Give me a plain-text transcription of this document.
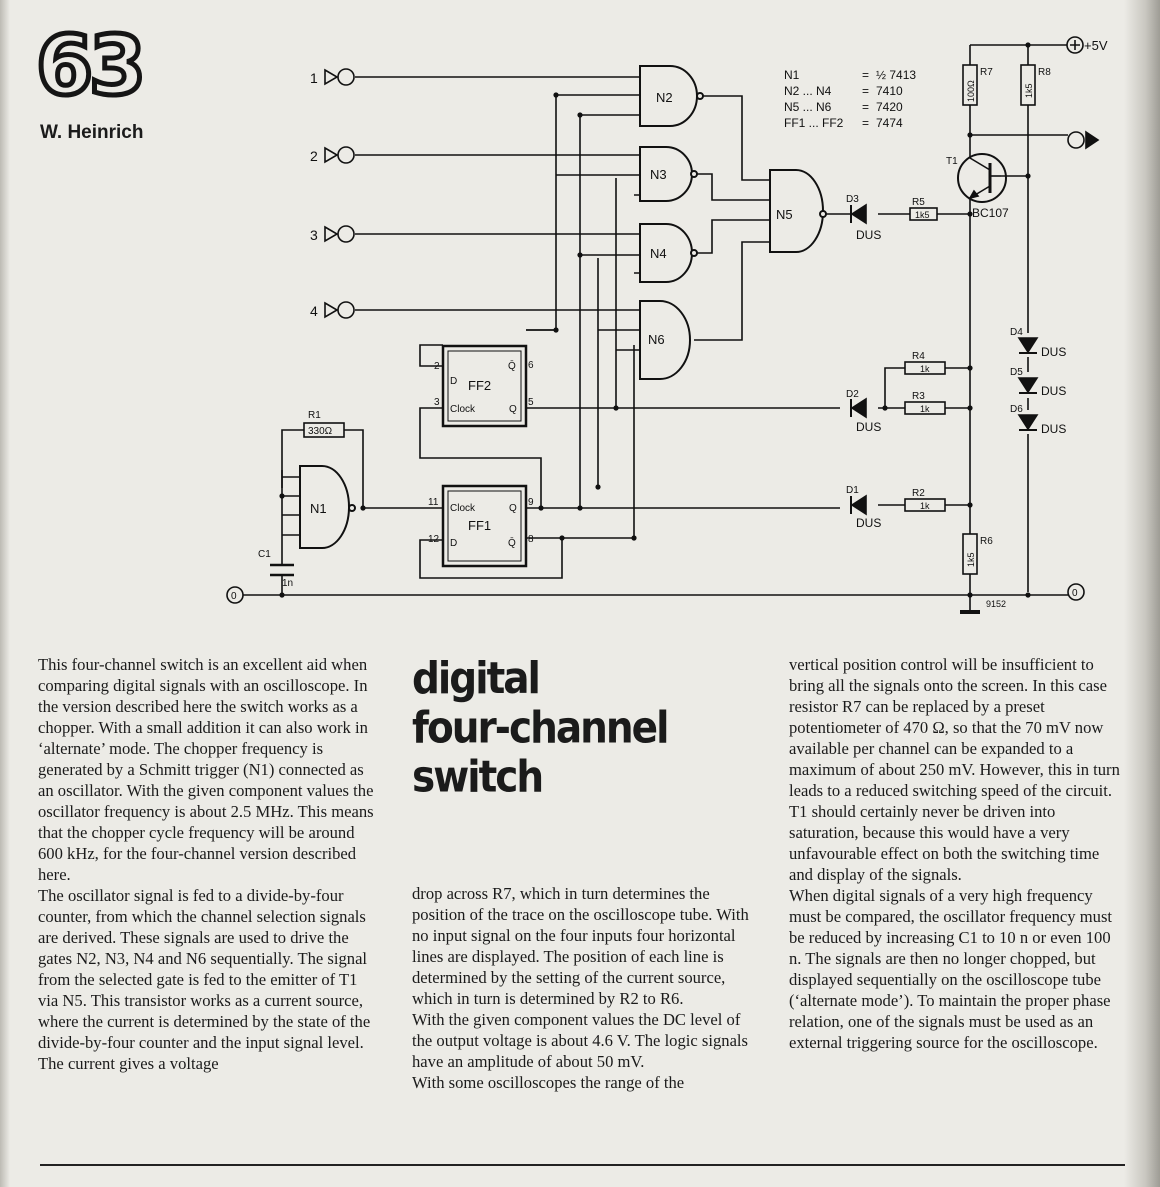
63
W. Heinrich
1
2
3
4
N2
N3
N4
N6
N5
N1
FF2
D
Clock
Q̄
Q
2
3
6
5
FF1
Clock
D
Q
Q̄
11
12
9
8
R1
330Ω
C1
1n
D3
DUS
D2
DUS
D1
DUS
D4
DUS
D5
DUS
D6
DUS
R5
1k5
R4
1k
R3
1k
R2
1k
R7
100Ω
R8
1k5
R6
1k5
T1
BC107
+5V
0	0
9152
N1	= ½ 7413
N2 ... N4	= 7410
N5 ... N6	= 7420
FF1 ... FF2 = 7474
digital
four-channel
switch

This four-channel switch is an excellent aid when comparing digital signals with an oscilloscope. In the version described here the switch works as a chopper. With a small addition it can also work in ‘alternate’ mode. The chopper frequency is generated by a Schmitt trigger (N1) connected as an oscillator. With the given component values the oscillator frequency is about 2.5 MHz. This means that the chopper cycle frequency will be around 600 kHz, for the four-channel version described here.

The oscillator signal is fed to a divide-by-four counter, from which the channel selection signals are derived. These signals are used to drive the gates N2, N3, N4 and N6 sequentially. The signal from the selected gate is fed to the emitter of T1 via N5. This transistor works as a current source, where the current is determined by the state of the divide-by-four counter and the input signal level. The current gives a voltage

drop across R7, which in turn determines the position of the trace on the oscilloscope tube. With no input signal on the four inputs four horizontal lines are displayed. The position of each line is determined by the setting of the current source, which in turn is determined by R2 to R6.

With the given component values the DC level of the output voltage is about 4.6 V. The logic signals have an amplitude of about 50 mV.

With some oscilloscopes the range of the

vertical position control will be insufficient to bring all the signals onto the screen. In this case resistor R7 can be replaced by a preset potentiometer of 470 Ω, so that the 70 mV now available per channel can be expanded to a maximum of about 250 mV. However, this in turn leads to a reduced switching speed of the circuit. T1 should certainly never be driven into saturation, because this would have a very unfavourable effect on both the switching time and display of the signals.

When digital signals of a very high frequency must be compared, the oscillator frequency must be reduced by increasing C1 to 10 n or even 100 n. The signals are then no longer chopped, but displayed sequentially on the oscilloscope tube (‘alternate mode’). To maintain the proper phase relation, one of the signals must be used as an external triggering source for the oscilloscope.
